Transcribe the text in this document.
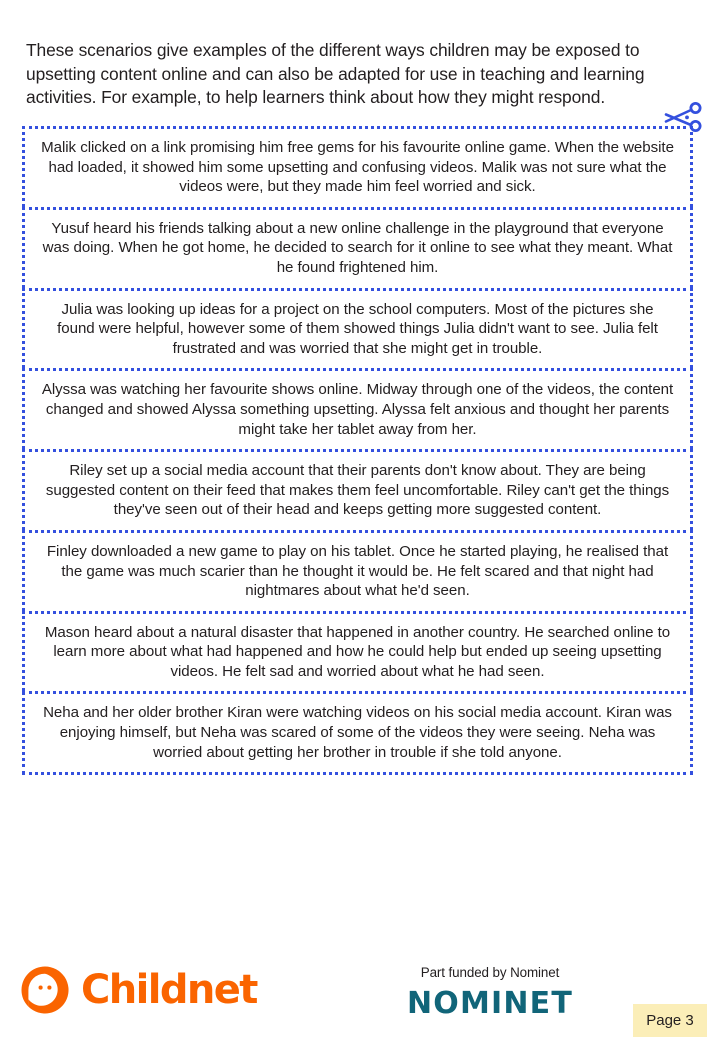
These scenarios give examples of the different ways children may be exposed to upsetting content online and can also be adapted for use in teaching and learning activities. For example, to help learners think about how they might respond.

Malik clicked on a link promising him free gems for his favourite online game. When the website had loaded, it showed him some upsetting and confusing videos. Malik was not sure what the videos were, but they made him feel worried and sick.
Yusuf heard his friends talking about a new online challenge in the playground that everyone was doing. When he got home, he decided to search for it online to see what they meant. What he found frightened him.
Julia was looking up ideas for a project on the school computers. Most of the pictures she found were helpful, however some of them showed things Julia didn't want to see. Julia felt frustrated and was worried that she might get in trouble.
Alyssa was watching her favourite shows online. Midway through one of the videos, the content changed and showed Alyssa something upsetting. Alyssa felt anxious and thought her parents might take her tablet away from her.
Riley set up a social media account that their parents don't know about. They are being suggested content on their feed that makes them feel uncomfortable. Riley can't get the things they've seen out of their head and keeps getting more suggested content.
Finley downloaded a new game to play on his tablet. Once he started playing, he realised that the game was much scarier than he thought it would be. He felt scared and that night had nightmares about what he'd seen.
Mason heard about a natural disaster that happened in another country. He searched online to learn more about what had happened and how he could help but ended up seeing upsetting videos. He felt sad and worried about what he had seen.
Neha and her older brother Kiran were watching videos on his social media account. Kiran was enjoying himself, but Neha was scared of some of the videos they were seeing. Neha was worried about getting her brother in trouble if she told anyone.
Childnet	Part funded by Nominet
NOMINET	Page 3
